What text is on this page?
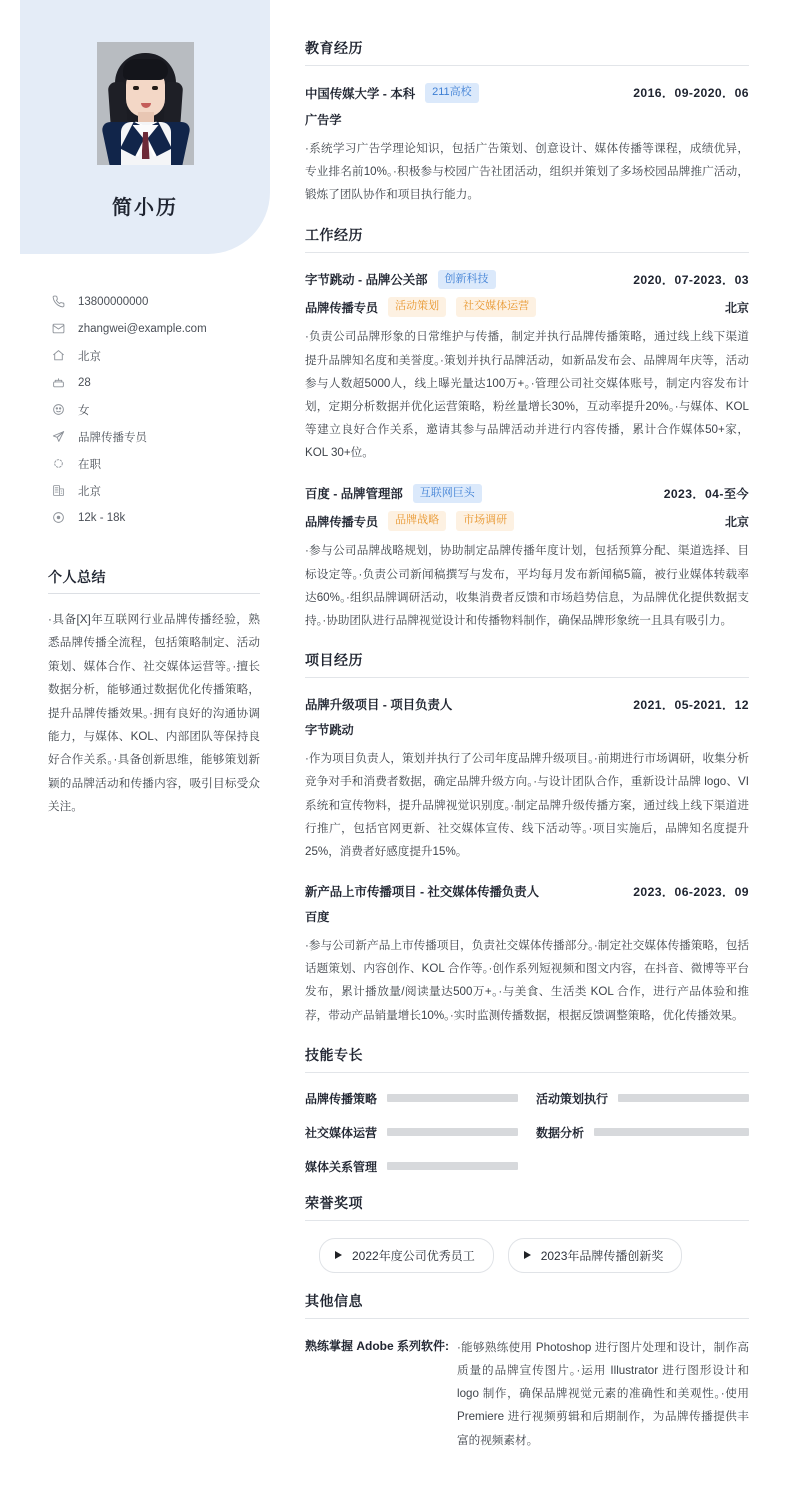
简小历
13800000000
zhangwei@example.com
北京
28
女
品牌传播专员
在职
北京
12k - 18k
个人总结
·具备[X]年互联网行业品牌传播经验，熟悉品牌传播全流程，包括策略制定、活动策划、媒体合作、社交媒体运营等。·擅长数据分析，能够通过数据优化传播策略，提升品牌传播效果。·拥有良好的沟通协调能力，与媒体、KOL、内部团队等保持良好合作关系。·具备创新思维，能够策划新颖的品牌活动和传播内容，吸引目标受众关注。
教育经历
中国传媒大学 - 本科	211高校	2016．09-2020．06
广告学
·系统学习广告学理论知识，包括广告策划、创意设计、媒体传播等课程，成绩优异，专业排名前10%。·积极参与校园广告社团活动，组织并策划了多场校园品牌推广活动，锻炼了团队协作和项目执行能力。
工作经历
字节跳动 - 品牌公关部	创新科技	2020．07-2023．03
品牌传播专员	活动策划	社交媒体运营	北京
·负责公司品牌形象的日常维护与传播，制定并执行品牌传播策略，通过线上线下渠道提升品牌知名度和美誉度。·策划并执行品牌活动，如新品发布会、品牌周年庆等，活动参与人数超5000人，线上曝光量达100万+。·管理公司社交媒体账号，制定内容发布计划，定期分析数据并优化运营策略，粉丝量增长30%，互动率提升20%。·与媒体、KOL等建立良好合作关系，邀请其参与品牌活动并进行内容传播，累计合作媒体50+家，KOL 30+位。
百度 - 品牌管理部	互联网巨头	2023．04-至今
品牌传播专员	品牌战略	市场调研	北京
·参与公司品牌战略规划，协助制定品牌传播年度计划，包括预算分配、渠道选择、目标设定等。·负责公司新闻稿撰写与发布，平均每月发布新闻稿5篇，被行业媒体转载率达60%。·组织品牌调研活动，收集消费者反馈和市场趋势信息，为品牌优化提供数据支持。·协助团队进行品牌视觉设计和传播物料制作，确保品牌形象统一且具有吸引力。
项目经历
品牌升级项目 - 项目负责人	2021．05-2021．12
字节跳动
·作为项目负责人，策划并执行了公司年度品牌升级项目。·前期进行市场调研，收集分析竞争对手和消费者数据，确定品牌升级方向。·与设计团队合作，重新设计品牌 logo、VI 系统和宣传物料，提升品牌视觉识别度。·制定品牌升级传播方案，通过线上线下渠道进行推广，包括官网更新、社交媒体宣传、线下活动等。·项目实施后，品牌知名度提升25%，消费者好感度提升15%。
新产品上市传播项目 - 社交媒体传播负责人	2023．06-2023．09
百度
·参与公司新产品上市传播项目，负责社交媒体传播部分。·制定社交媒体传播策略，包括话题策划、内容创作、KOL 合作等。·创作系列短视频和图文内容，在抖音、微博等平台发布，累计播放量/阅读量达500万+。·与美食、生活类 KOL 合作，进行产品体验和推荐，带动产品销量增长10%。·实时监测传播数据，根据反馈调整策略，优化传播效果。
技能专长
品牌传播策略	活动策划执行
社交媒体运营	数据分析
媒体关系管理
荣誉奖项
2022年度公司优秀员工	2023年品牌传播创新奖
其他信息
熟练掌握 Adobe 系列软件: ·能够熟练使用 Photoshop 进行图片处理和设计，制作高质量的品牌宣传图片。·运用 Illustrator 进行图形设计和 logo 制作，确保品牌视觉元素的准确性和美观性。·使用 Premiere 进行视频剪辑和后期制作，为品牌传播提供丰富的视频素材。
